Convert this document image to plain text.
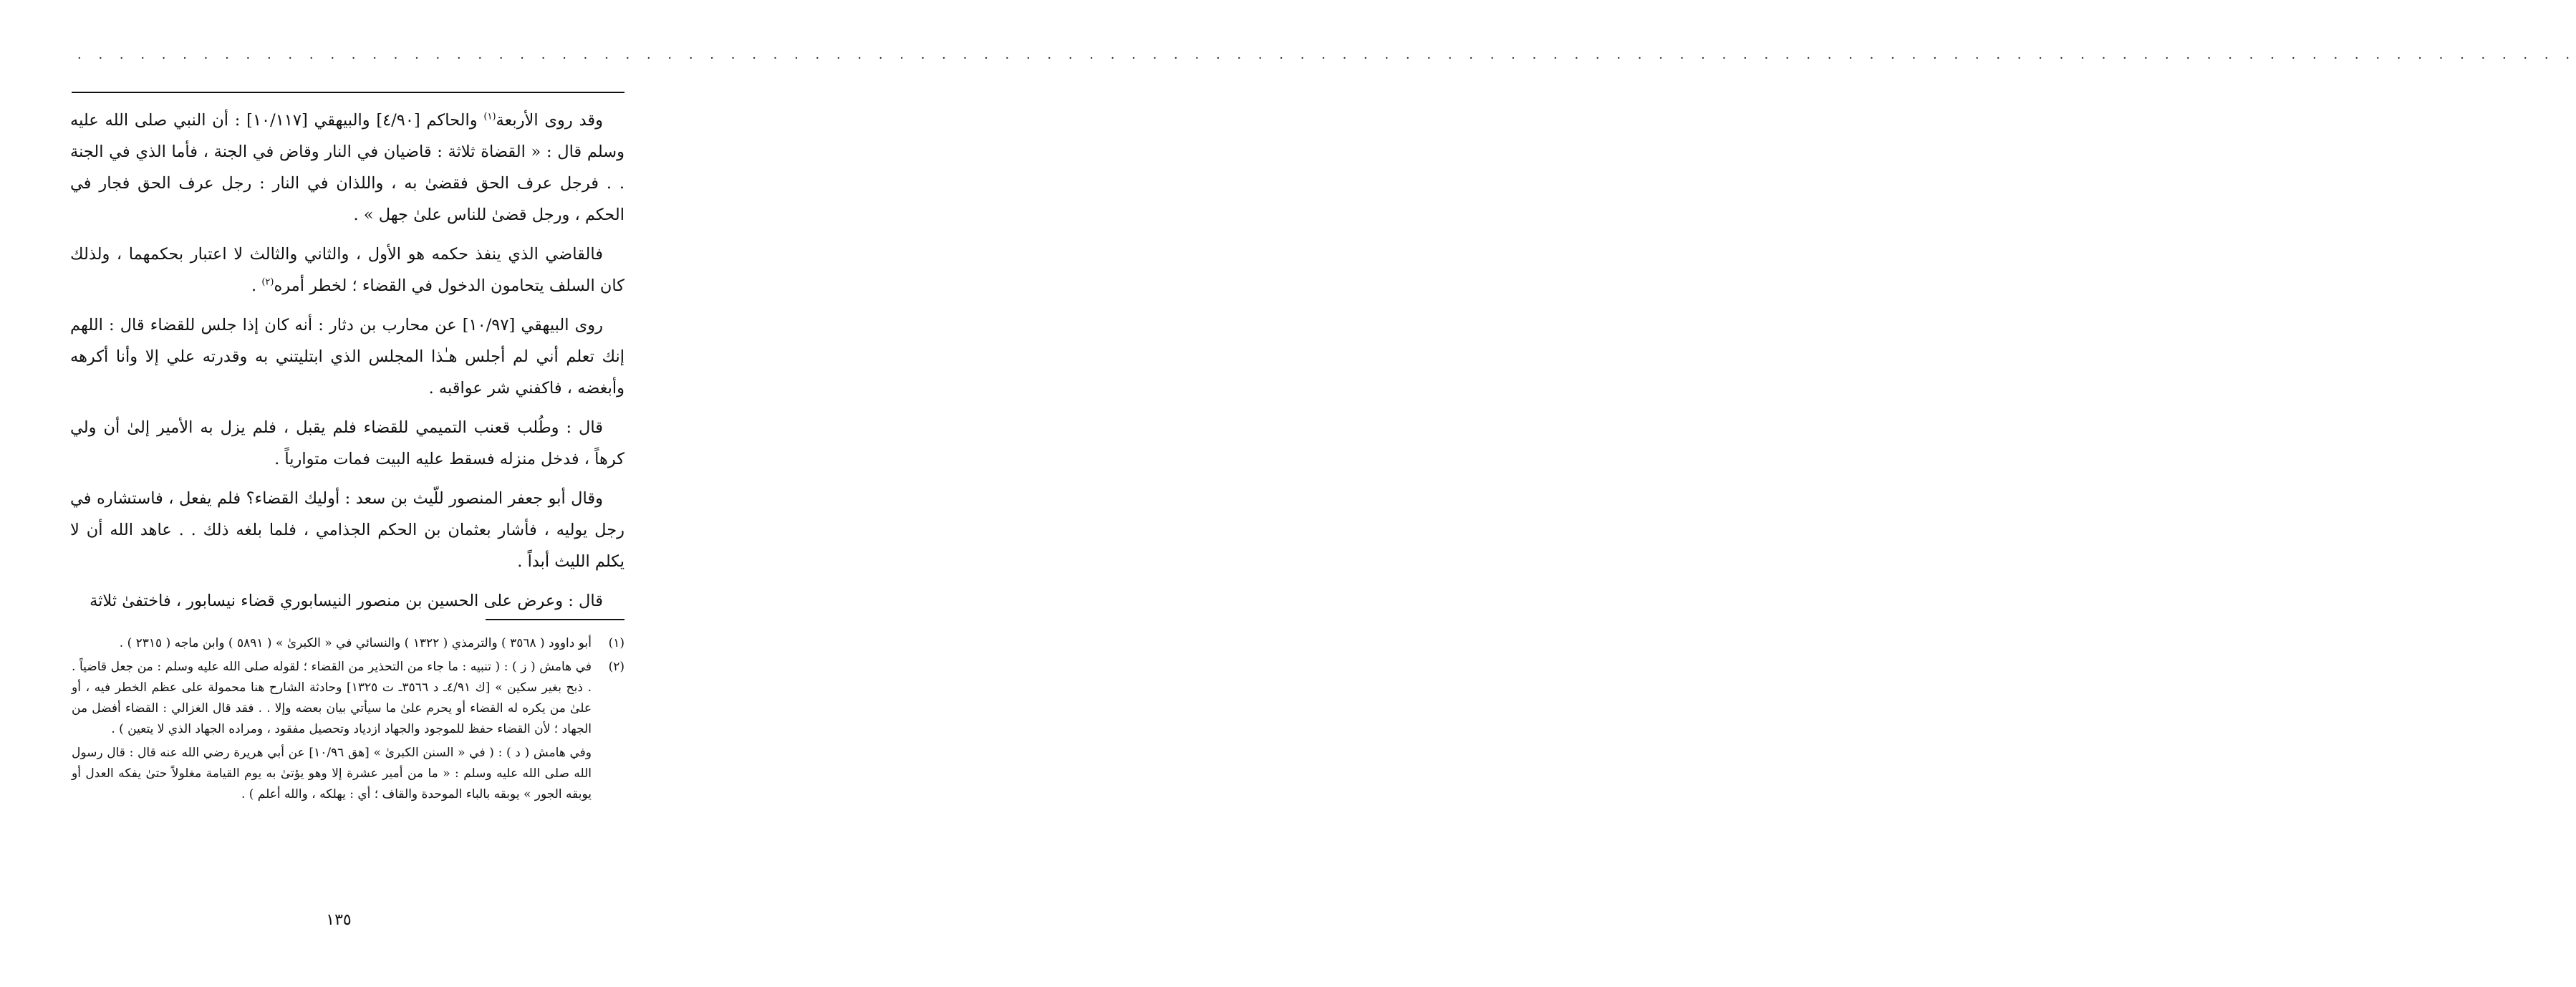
· · · · · · · · · · · · · · · · · · · · · · · · · · · · · · · · · · · · · · · · · · · · · · · · · · · · · · · · · · · · · · · · · · · · · · · · · · · · · · · · · · · · · · · · · · · · · · · · · · · · · · · · · · · · · · · · · · · · · · ·

وقد روى الأربعة$^{(١)}$ والحاكم [٤/٩٠] والبيهقي [١٠/١١٧] : أن النبي صلى الله عليه وسلم قال : « القضاة ثلاثة : قاضيان في النار وقاض في الجنة ، فأما الذي في الجنة . . فرجل عرف الحق فقضىٰ به ، واللذان في النار : رجل عرف الحق فجار في الحكم ، ورجل قضىٰ للناس علىٰ جهل » .

فالقاضي الذي ينفذ حكمه هو الأول ، والثاني والثالث لا اعتبار بحكمهما ، ولذلك كان السلف يتحامون الدخول في القضاء ؛ لخطر أمره$^{(٢)}$ .

روى البيهقي [١٠/٩٧] عن محارب بن دثار : أنه كان إذا جلس للقضاء قال : اللهم إنك تعلم أني لم أجلس هـٰذا المجلس الذي ابتليتني به وقدرته علي إلا وأنا أكرهه وأبغضه ، فاكفني شر عواقبه .

قال : وطُلب قعنب التميمي للقضاء فلم يقبل ، فلم يزل به الأمير إلىٰ أن ولي كرهاً ، فدخل منزله فسقط عليه البيت فمات متوارياً .

وقال أبو جعفر المنصور للّيث بن سعد : أوليك القضاء؟ فلم يفعل ، فاستشاره في رجل يوليه ، فأشار بعثمان بن الحكم الجذامي ، فلما بلغه ذلك . . عاهد الله أن لا يكلم الليث أبداً .

قال : وعرض على الحسين بن منصور النيسابوري قضاء نيسابور ، فاختفىٰ ثلاثة

(١)
أبو داوود ( ٣٥٦٨ ) والترمذي ( ١٣٢٢ ) والنسائي في « الكبرىٰ » ( ٥٨٩١ ) وابن ماجه ( ٢٣١٥ ) .
(٢)
في هامش ( ز ) : ( تنبيه : ما جاء من التحذير من القضاء ؛ لقوله صلى الله عليه وسلم : من جعل قاضياً . . ذبح بغير سكين » [ك ٤/٩١ـ د ٣٥٦٦ـ ت ١٣٢٥] وحادثة الشارح هنا محمولة على عظم الخطر فيه ، أو علىٰ من يكره له القضاء أو يحرم علىٰ ما سيأتي بيان بعضه وإلا . . فقد قال الغزالي : القضاء أفضل من الجهاد ؛ لأن القضاء حفظ للموجود والجهاد ازدياد وتحصيل مفقود ، ومراده الجهاد الذي لا يتعين ) .

وفي هامش ( د ) : ( في « السنن الكبرىٰ » [هق ١٠/٩٦] عن أبي هريرة رضي الله عنه قال : قال رسول الله صلى الله عليه وسلم : « ما من أمير عشرة إلا وهو يؤتىٰ به يوم القيامة مغلولاً حتىٰ يفكه العدل أو يوبقه الجور » يوبقه بالباء الموحدة والقاف ؛ أي : يهلكه ، والله أعلم ) .

١٣٥
